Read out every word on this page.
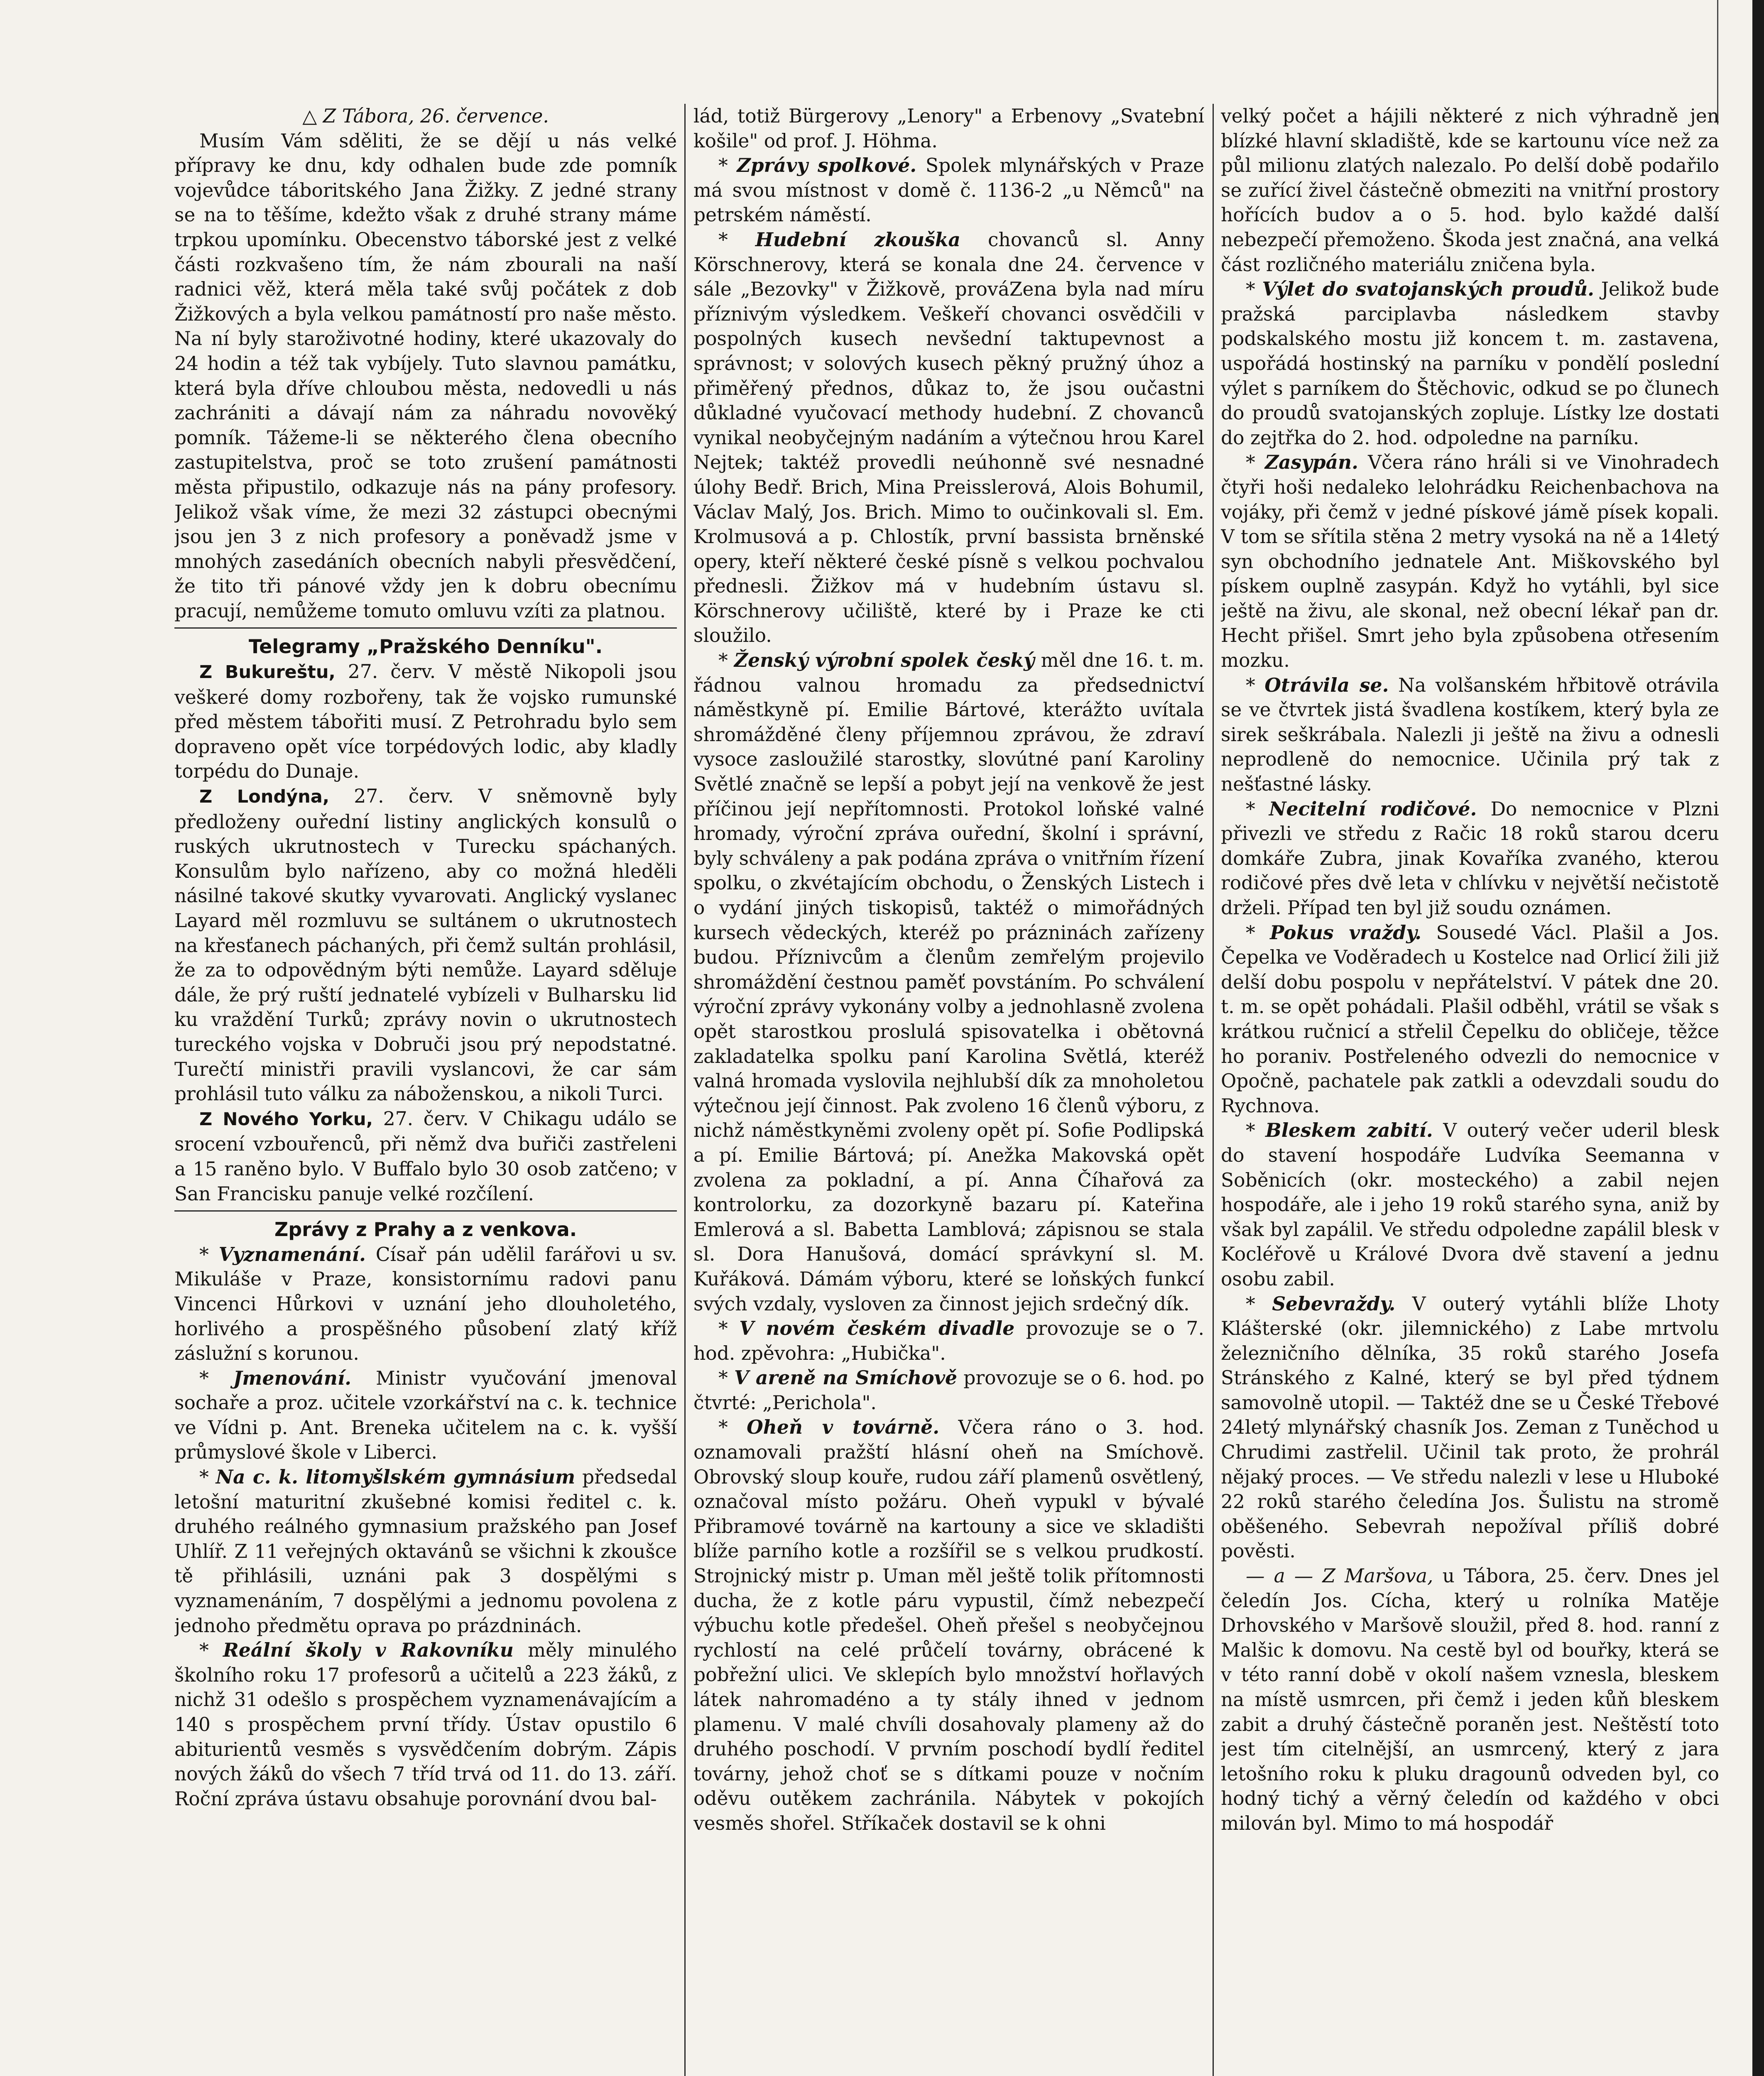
△ Z Tábora, 26. července.

Musím Vám sděliti, že se dějí u nás velké přípravy ke dnu, kdy odhalen bude zde pomník vojevůdce táboritského Jana Žižky. Z jedné strany se na to těšíme, kdežto však z druhé strany máme trpkou upomínku. Obecenstvo táborské jest z velké části rozkvašeno tím, že nám zbourali na naší radnici věž, která měla také svůj počátek z dob Žižkových a byla velkou památností pro naše město. Na ní byly staroživotné hodiny, které ukazovaly do 24 hodin a též tak vybíjely. Tuto slavnou památku, která byla dříve chloubou města, nedovedli u nás zachrániti a dávají nám za náhradu novověký pomník. Tážeme-li se některého člena obecního zastupitelstva, proč se toto zrušení památnosti města připustilo, odkazuje nás na pány profesory. Jelikož však víme, že mezi 32 zástupci obecnými jsou jen 3 z nich profesory a poněvadž jsme v mnohých zasedáních obecních nabyli přesvědčení, že tito tři pánové vždy jen k dobru obecnímu pracují, nemůžeme tomuto omluvu vzíti za platnou.

Telegramy „Pražského Denníku".

Z Bukureštu, 27. červ. V městě Nikopoli jsou veškeré domy rozbořeny, tak že vojsko rumunské před městem tábořiti musí. Z Petrohradu bylo sem dopraveno opět více torpédových lodic, aby kladly torpédu do Dunaje.

Z Londýna, 27. červ. V sněmovně byly předloženy ouřední listiny anglických konsulů o ruských ukrutnostech v Turecku spáchaných. Konsulům bylo nařízeno, aby co možná hleděli násilné takové skutky vyvarovati. Anglický vyslanec Layard měl rozmluvu se sultánem o ukrutnostech na křesťanech páchaných, při čemž sultán prohlásil, že za to odpovědným býti nemůže. Layard sděluje dále, že prý ruští jednatelé vybízeli v Bulharsku lid ku vraždění Turků; zprávy novin o ukrutnostech tureckého vojska v Dobruči jsou prý nepodstatné. Turečtí ministři pravili vyslancovi, že car sám prohlásil tuto válku za náboženskou, a nikoli Turci.

Z Nového Yorku, 27. červ. V Chikagu událo se srocení vzbouřenců, při němž dva buřiči zastřeleni a 15 raněno bylo. V Buffalo bylo 30 osob zatčeno; v San Francisku panuje velké rozčílení.

Zprávy z Prahy a z venkova.

* Vyznamenání. Císař pán udělil farářovi u sv. Mikuláše v Praze, konsistornímu radovi panu Vincenci Hůrkovi v uznání jeho dlouholetého, horlivého a prospěšného působení zlatý kříž záslužní s korunou.

* Jmenování. Ministr vyučování jmenoval sochaře a proz. učitele vzorkářství na c. k. technice ve Vídni p. Ant. Breneka učitelem na c. k. vyšší průmyslové škole v Liberci.

* Na c. k. litomyšlském gymnásium předsedal letošní maturitní zkušebné komisi ředitel c. k. druhého reálného gymnasium pražského pan Josef Uhlíř. Z 11 veřejných oktavánů se všichni k zkoušce tě přihlásili, uznáni pak 3 dospělými s vyznamenáním, 7 dospělými a jednomu povolena z jednoho předmětu oprava po prázdninách.

* Reální školy v Rakovníku měly minulého školního roku 17 profesorů a učitelů a 223 žáků, z nichž 31 odešlo s prospěchem vyznamenávajícím a 140 s prospěchem první třídy. Ústav opustilo 6 abiturientů vesměs s vysvědčením dobrým. Zápis nových žáků do všech 7 tříd trvá od 11. do 13. září. Roční zpráva ústavu obsahuje porovnání dvou bal-

lád, totiž Bürgerovy „Lenory" a Erbenovy „Svatební košile" od prof. J. Höhma.

* Zprávy spolkové. Spolek mlynářských v Praze má svou místnost v domě č. 1136-2 „u Němců" na petrském náměstí.

* Hudební zkouška chovanců sl. Anny Körschnerovy, která se konala dne 24. července v sále „Bezovky" v Žižkově, prováZena byla nad míru příznivým výsledkem. Veškeří chovanci osvědčili v pospolných kusech nevšední taktupevnost a správnost; v solových kusech pěkný pružný úhoz a přiměřený přednos, důkaz to, že jsou oučastni důkladné vyučovací methody hudební. Z chovanců vynikal neobyčejným nadáním a výtečnou hrou Karel Nejtek; taktéž provedli neúhonně své nesnadné úlohy Bedř. Brich, Mina Preisslerová, Alois Bohumil, Václav Malý, Jos. Brich. Mimo to oučinkovali sl. Em. Krolmusová a p. Chlostík, první bassista brněnské opery, kteří některé české písně s velkou pochvalou přednesli. Žižkov má v hudebním ústavu sl. Körschnerovy učiliště, které by i Praze ke cti sloužilo.

* Ženský výrobní spolek český měl dne 16. t. m. řádnou valnou hromadu za předsednictví náměstkyně pí. Emilie Bártové, kterážto uvítala shromážděné členy příjemnou zprávou, že zdraví vysoce zasloužilé starostky, slovútné paní Karoliny Světlé značně se lepší a pobyt její na venkově že jest příčinou její nepřítomnosti. Protokol loňské valné hromady, výroční zpráva ouřední, školní i správní, byly schváleny a pak podána zpráva o vnitřním řízení spolku, o zkvétajícím obchodu, o Ženských Listech i o vydání jiných tiskopisů, taktéž o mimořádných kursech vědeckých, kteréž po prázninách zařízeny budou. Příznivcům a členům zemřelým projevilo shromáždění čestnou paměť povstáním. Po schválení výroční zprávy vykonány volby a jednohlasně zvolena opět starostkou proslulá spisovatelka i obětovná zakladatelka spolku paní Karolina Světlá, kteréž valná hromada vyslovila nejhlubší dík za mnoholetou výtečnou její činnost. Pak zvoleno 16 členů výboru, z nichž náměstkyněmi zvoleny opět pí. Sofie Podlipská a pí. Emilie Bártová; pí. Anežka Makovská opět zvolena za pokladní, a pí. Anna Číhařová za kontrolorku, za dozorkyně bazaru pí. Kateřina Emlerová a sl. Babetta Lamblová; zápisnou se stala sl. Dora Hanušová, domácí správkyní sl. M. Kuřáková. Dámám výboru, které se loňských funkcí svých vzdaly, vysloven za činnost jejich srdečný dík.

* V novém českém divadle provozuje se o 7. hod. zpěvohra: „Hubička".

* V areně na Smíchově provozuje se o 6. hod. po čtvrté: „Perichola".

* Oheň v továrně. Včera ráno o 3. hod. oznamovali pražští hlásní oheň na Smíchově. Obrovský sloup kouře, rudou září plamenů osvětlený, označoval místo požáru. Oheň vypukl v bývalé Přibramové továrně na kartouny a sice ve skladišti blíže parního kotle a rozšířil se s velkou prudkostí. Strojnický mistr p. Uman měl ještě tolik přítomnosti ducha, že z kotle páru vypustil, čímž nebezpečí výbuchu kotle předešel. Oheň přešel s neobyčejnou rychlostí na celé průčelí továrny, obrácené k pobřežní ulici. Ve sklepích bylo množství hořlavých látek nahromadéno a ty stály ihned v jednom plamenu. V malé chvíli dosahovaly plameny až do druhého poschodí. V prvním poschodí bydlí ředitel továrny, jehož choť se s dítkami pouze v nočním oděvu outěkem zachránila. Nábytek v pokojích vesměs shořel. Stříkaček dostavil se k ohni

velký počet a hájili některé z nich výhradně jen blízké hlavní skladiště, kde se kartounu více než za půl milionu zlatých nalezalo. Po delší době podařilo se zuřící živel částečně obmeziti na vnitřní prostory hořících budov a o 5. hod. bylo každé další nebezpečí přemoženo. Škoda jest značná, ana velká část rozličného materiálu zničena byla.

* Výlet do svatojanských proudů. Jelikož bude pražská parciplavba následkem stavby podskalského mostu již koncem t. m. zastavena, uspořádá hostinský na parníku v pondělí poslední výlet s parníkem do Štěchovic, odkud se po člunech do proudů svatojanských zopluje. Lístky lze dostati do zejtřka do 2. hod. odpoledne na parníku.

* Zasypán. Včera ráno hráli si ve Vinohradech čtyři hoši nedaleko lelohrádku Reichenbachova na vojáky, při čemž v jedné pískové jámě písek kopali. V tom se sřítila stěna 2 metry vysoká na ně a 14letý syn obchodního jednatele Ant. Miškovského byl pískem ouplně zasypán. Když ho vytáhli, byl sice ještě na živu, ale skonal, než obecní lékař pan dr. Hecht přišel. Smrt jeho byla způsobena otřesením mozku.

* Otrávila se. Na volšanském hřbitově otrávila se ve čtvrtek jistá švadlena kostíkem, který byla ze sirek seškrábala. Nalezli ji ještě na živu a odnesli neprodleně do nemocnice. Učinila prý tak z nešťastné lásky.

* Necitelní rodičové. Do nemocnice v Plzni přivezli ve středu z Račic 18 roků starou dceru domkáře Zubra, jinak Kovaříka zvaného, kterou rodičové přes dvě leta v chlívku v největší nečistotě drželi. Případ ten byl již soudu oznámen.

* Pokus vraždy. Sousedé Václ. Plašil a Jos. Čepelka ve Voděradech u Kostelce nad Orlicí žili již delší dobu pospolu v nepřátelství. V pátek dne 20. t. m. se opět pohádali. Plašil odběhl, vrátil se však s krátkou ručnicí a střelil Čepelku do obličeje, těžce ho poraniv. Postřeleného odvezli do nemocnice v Opočně, pachatele pak zatkli a odevzdali soudu do Rychnova.

* Bleskem zabití. V outerý večer uderil blesk do stavení hospodáře Ludvíka Seemanna v Soběnicích (okr. mosteckého) a zabil nejen hospodáře, ale i jeho 19 roků starého syna, aniž by však byl zapálil. Ve středu odpoledne zapálil blesk v Kocléřově u Králové Dvora dvě stavení a jednu osobu zabil.

* Sebevraždy. V outerý vytáhli blíže Lhoty Klášterské (okr. jilemnického) z Labe mrtvolu železničního dělníka, 35 roků starého Josefa Stránského z Kalné, který se byl před týdnem samovolně utopil. — Taktéž dne se u České Třebové 24letý mlynářský chasník Jos. Zeman z Tuněchod u Chrudimi zastřelil. Učinil tak proto, že prohrál nějaký proces. — Ve středu nalezli v lese u Hluboké 22 roků starého čeledína Jos. Šulistu na stromě oběšeného. Sebevrah nepožíval příliš dobré pověsti.

— a — Z Maršova, u Tábora, 25. červ. Dnes jel čeledín Jos. Cícha, který u rolníka Matěje Drhovského v Maršově sloužil, před 8. hod. ranní z Malšic k domovu. Na cestě byl od bouřky, která se v této ranní době v okolí našem vznesla, bleskem na místě usmrcen, při čemž i jeden kůň bleskem zabit a druhý částečně poraněn jest. Neštěstí toto jest tím citelnější, an usmrcený, který z jara letošního roku k pluku dragounů odveden byl, co hodný tichý a věrný čeledín od každého v obci milován byl. Mimo to má hospodář
